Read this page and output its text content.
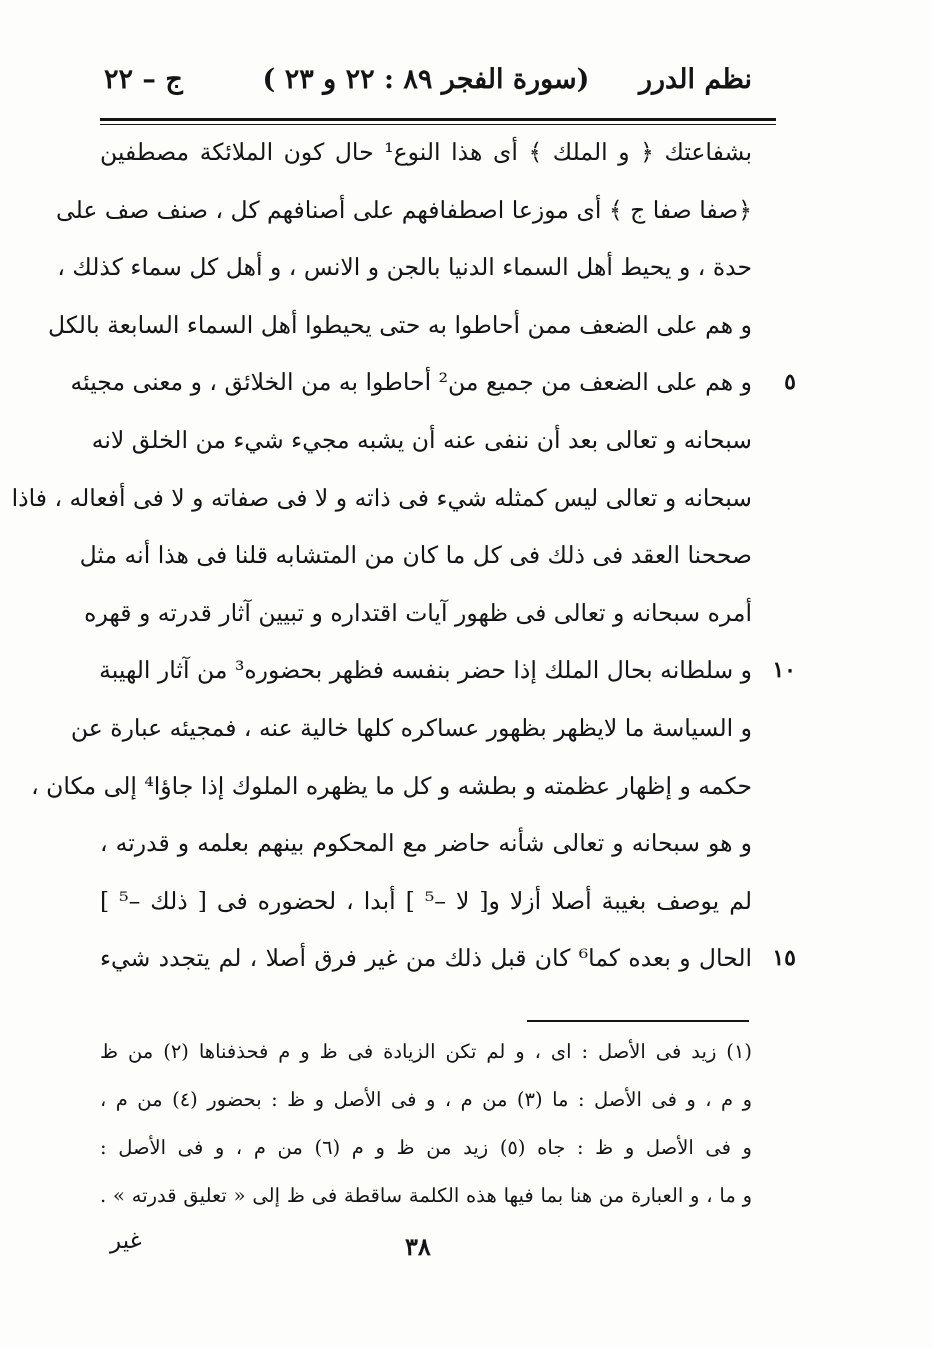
نظم الدرر
(سورة الفجر ٨٩ : ٢٢ و ٢٣ )
ج – ٢٢
بشفاعتك ﴿ و الملك ﴾ أى هذا النوع¹ حال كون الملائكة مصطفين
﴿صفا صفا ج ﴾ أى موزعا اصطفافهم على أصنافهم كل ، صنف صف على
حدة ، و يحيط أهل السماء الدنيا بالجن و الانس ، و أهل كل سماء كذلك ،
و هم على الضعف ممن أحاطوا به حتى يحيطوا أهل السماء السابعة بالكل
٥
و هم على الضعف من جميع من² أحاطوا به من الخلائق ، و معنى مجيئه
سبحانه و تعالى بعد أن ننفى عنه أن يشبه مجيء شيء من الخلق لانه
سبحانه و تعالى ليس كمثله شيء فى ذاته و لا فى صفاته و لا فى أفعاله ، فاذا
صححنا العقد فى ذلك فى كل ما كان من المتشابه قلنا فى هذا أنه مثل
أمره سبحانه و تعالى فى ظهور آيات اقتداره و تبيين آثار قدرته و قهره
١٠
و سلطانه بحال الملك إذا حضر بنفسه فظهر بحضوره³ من آثار الهيبة
و السياسة ما لايظهر بظهور عساكره كلها خالية عنه ، فمجيئه عبارة عن
حكمه و إظهار عظمته و بطشه و كل ما يظهره الملوك إذا جاؤا⁴ إلى مكان ،
و هو سبحانه و تعالى شأنه حاضر مع المحكوم بينهم بعلمه و قدرته ،
لم يوصف بغيبة أصلا أزلا و[ لا –⁵ ] أبدا ، لحضوره فى [ ذلك –⁵ ]
١٥
الحال و بعده كما⁶ كان قبل ذلك من غير فرق أصلا ، لم يتجدد شيء
(١) زيد فى الأصل : اى ، و لم تكن الزيادة فى ظ و م فحذفناها (٢) من ظ
و م ، و فى الأصل : ما (٣) من م ، و فى الأصل و ظ : بحضور (٤) من م ،
و فى الأصل و ظ : جاه (٥) زيد من ظ و م (٦) من م ، و فى الأصل :
و ما ، و العبارة من هنا بما فيها هذه الكلمة ساقطة فى ظ إلى « تعليق قدرته » .
غير	٣٨
